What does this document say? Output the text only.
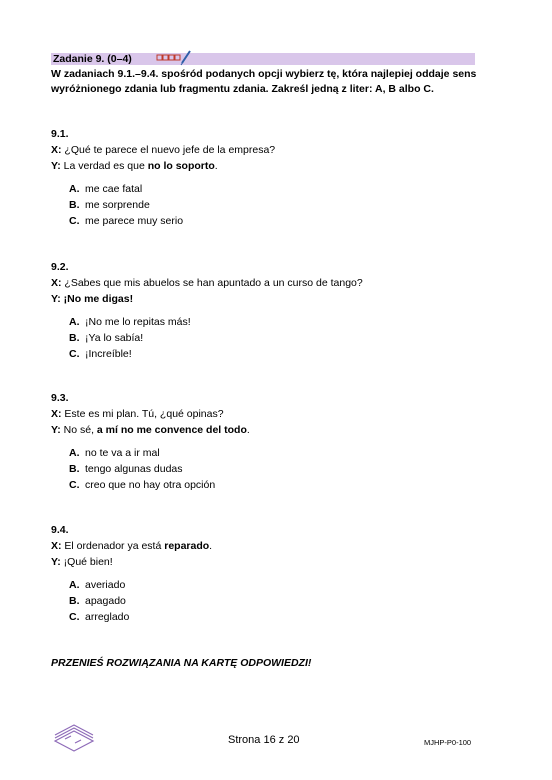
Zadanie 9. (0–4)
W zadaniach 9.1.–9.4. spośród podanych opcji wybierz tę, która najlepiej oddaje sens wyróżnionego zdania lub fragmentu zdania. Zakreśl jedną z liter: A, B albo C.
9.1.
X: ¿Qué te parece el nuevo jefe de la empresa?
Y: La verdad es que no lo soporto.
A. me cae fatal
B. me sorprende
C. me parece muy serio
9.2.
X: ¿Sabes que mis abuelos se han apuntado a un curso de tango?
Y: ¡No me digas!
A. ¡No me lo repitas más!
B. ¡Ya lo sabía!
C. ¡Increíble!
9.3.
X: Este es mi plan. Tú, ¿qué opinas?
Y: No sé, a mí no me convence del todo.
A. no te va a ir mal
B. tengo algunas dudas
C. creo que no hay otra opción
9.4.
X: El ordenador ya está reparado.
Y: ¡Qué bien!
A. averiado
B. apagado
C. arreglado
PRZENIEŚ ROZWIĄZANIA NA KARTĘ ODPOWIEDZI!
Strona 16 z 20	MJHP-P0-100
